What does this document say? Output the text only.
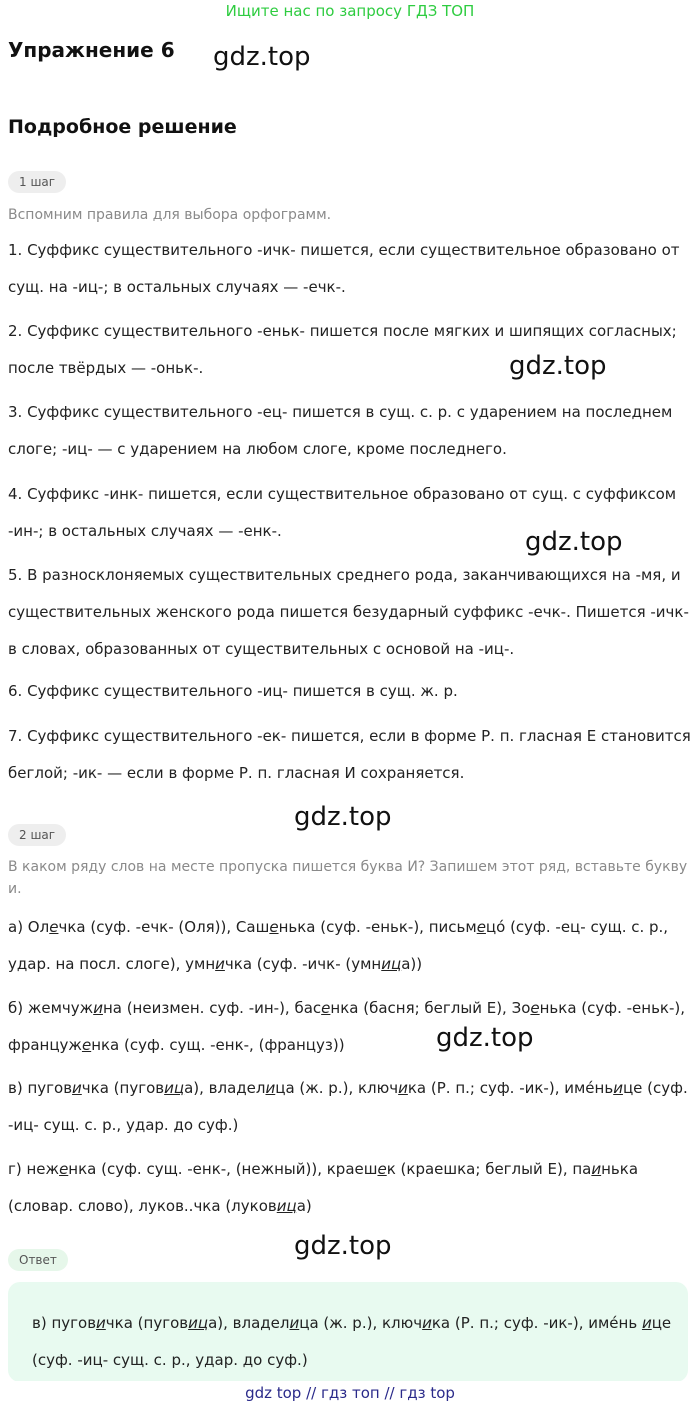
Ищите нас по запросу ГДЗ ТОП
Упражнение 6 gdz.top
Подробное решение
1 шаг
Вспомним правила для выбора орфограмм.
1. Суффикс существительного -ичк- пишется, если существительное образовано от сущ. на -иц-; в остальных случаях — -ечк-.
2. Суффикс существительного -еньк- пишется после мягких и шипящих согласных; после твёрдых — -оньк-.	gdz.top
3. Суффикс существительного -ец- пишется в сущ. с. р. с ударением на последнем слоге; -иц- — с ударением на любом слоге, кроме последнего.
4. Суффикс -инк- пишется, если существительное образовано от сущ. с суффиксом -ин-; в остальных случаях — -енк-.	gdz.top
5. В разносклоняемых существительных среднего рода, заканчивающихся на -мя, и существительных женского рода пишется безударный суффикс -ечк-. Пишется -ичк- в словах, образованных от существительных с основой на -иц-.
6. Суффикс существительного -иц- пишется в сущ. ж. р.
7. Суффикс существительного -ек- пишется, если в форме Р. п. гласная Е становится беглой; -ик- — если в форме Р. п. гласная И сохраняется.
gdz.top
2 шаг
В каком ряду слов на месте пропуска пишется буква И? Запишем этот ряд, вставьте букву и.
а) Олечка (суф. -ечк- (Оля)), Сашенька (суф. -еньк-), письмецо́ (суф. -ец- сущ. с. р., удар. на посл. слоге), умничка (суф. -ичк- (умница))
б) жемчужина (неизмен. суф. -ин-), басенка (басня; беглый Е), Зоенька (суф. -еньк-), француженка (суф. сущ. -енк-, (француз))	gdz.top
в) пуговичка (пуговица), владелица (ж. р.), ключика (Р. п.; суф. -ик-), имéньице (суф. -иц- сущ. с. р., удар. до суф.)
г) неженка (суф. сущ. -енк-, (нежный)), краешек (краешка; беглый Е), паинька (словар. слово), луков..чка (луковица)
gdz.top
Ответ
в) пуговичка (пуговица), владелица (ж. р.), ключика (Р. п.; суф. -ик-), имéнь ице (суф. -иц- сущ. с. р., удар. до суф.)
gdz top // гдз топ // гдз top
